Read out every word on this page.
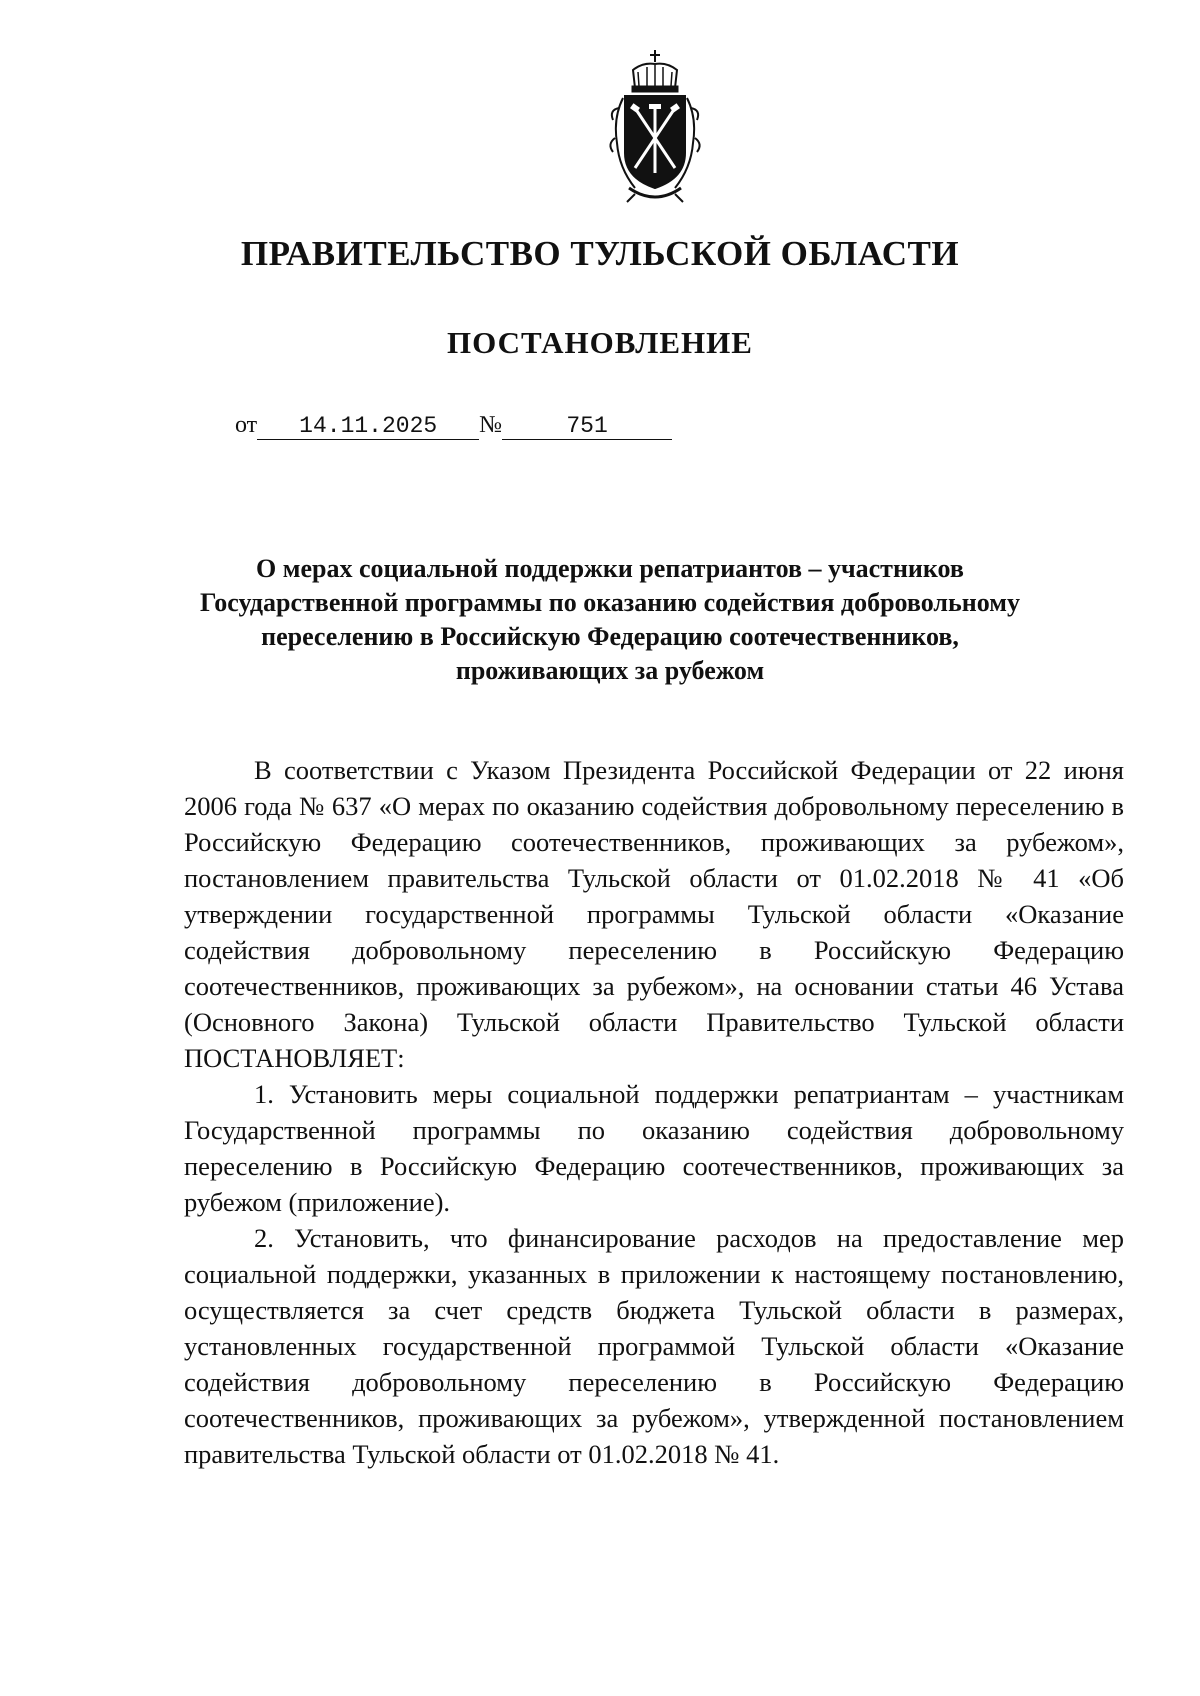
ПРАВИТЕЛЬСТВО ТУЛЬСКОЙ ОБЛАСТИ
ПОСТАНОВЛЕНИЕ
от 14.11.2025 №	751
О мерах социальной поддержки репатриантов – участников
Государственной программы по оказанию содействия добровольному
переселению в Российскую Федерацию соотечественников,
проживающих за рубежом

В соответствии с Указом Президента Российской Федерации от 22 июня 2006 года № 637 «О мерах по оказанию содействия добровольному переселению в Российскую Федерацию соотечественников, проживающих за рубежом», постановлением правительства Тульской области от 01.02.2018 № 41 «Об утверждении государственной программы Тульской области «Оказание содействия добровольному переселению в Российскую Федерацию соотечественников, проживающих за рубежом», на основании статьи 46 Устава (Основного Закона) Тульской области Правительство Тульской области ПОСТАНОВЛЯЕТ:

1. Установить меры социальной поддержки репатриантам – участникам Государственной программы по оказанию содействия добровольному переселению в Российскую Федерацию соотечественников, проживающих за рубежом (приложение).

2. Установить, что финансирование расходов на предоставление мер социальной поддержки, указанных в приложении к настоящему постановлению, осуществляется за счет средств бюджета Тульской области в размерах, установленных государственной программой Тульской области «Оказание содействия добровольному переселению в Российскую Федерацию соотечественников, проживающих за рубежом», утвержденной постановлением правительства Тульской области от 01.02.2018 № 41.
